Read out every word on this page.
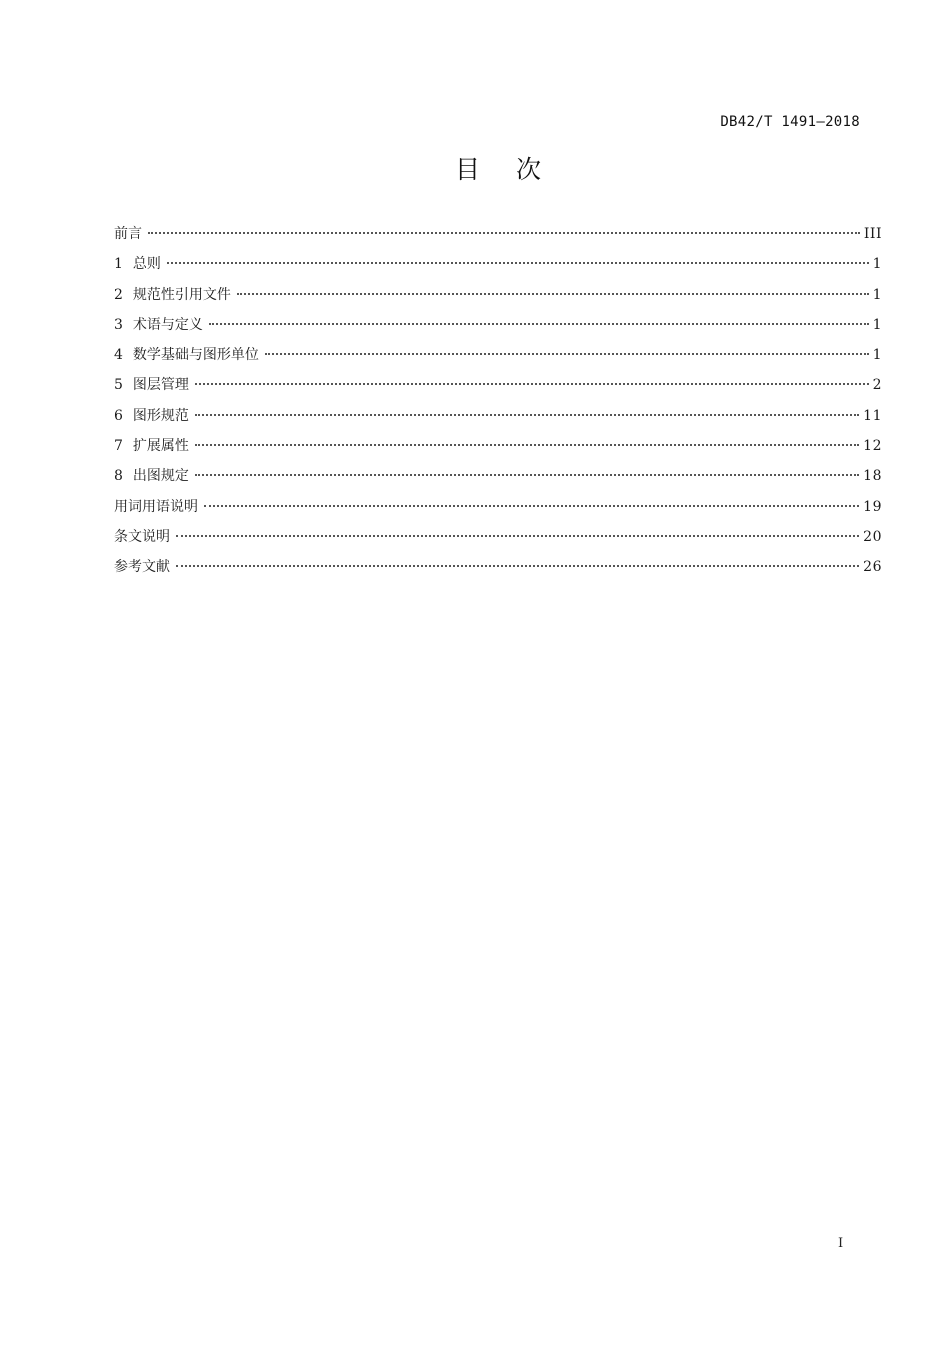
DB42/T 1491—2018
目 次
前言	III
1 总则	1
2 规范性引用文件	1
3 术语与定义	1
4 数学基础与图形单位	1
5 图层管理	2
6 图形规范	11
7 扩展属性	12
8 出图规定	18
用词用语说明	19
条文说明	20
参考文献	26
I
